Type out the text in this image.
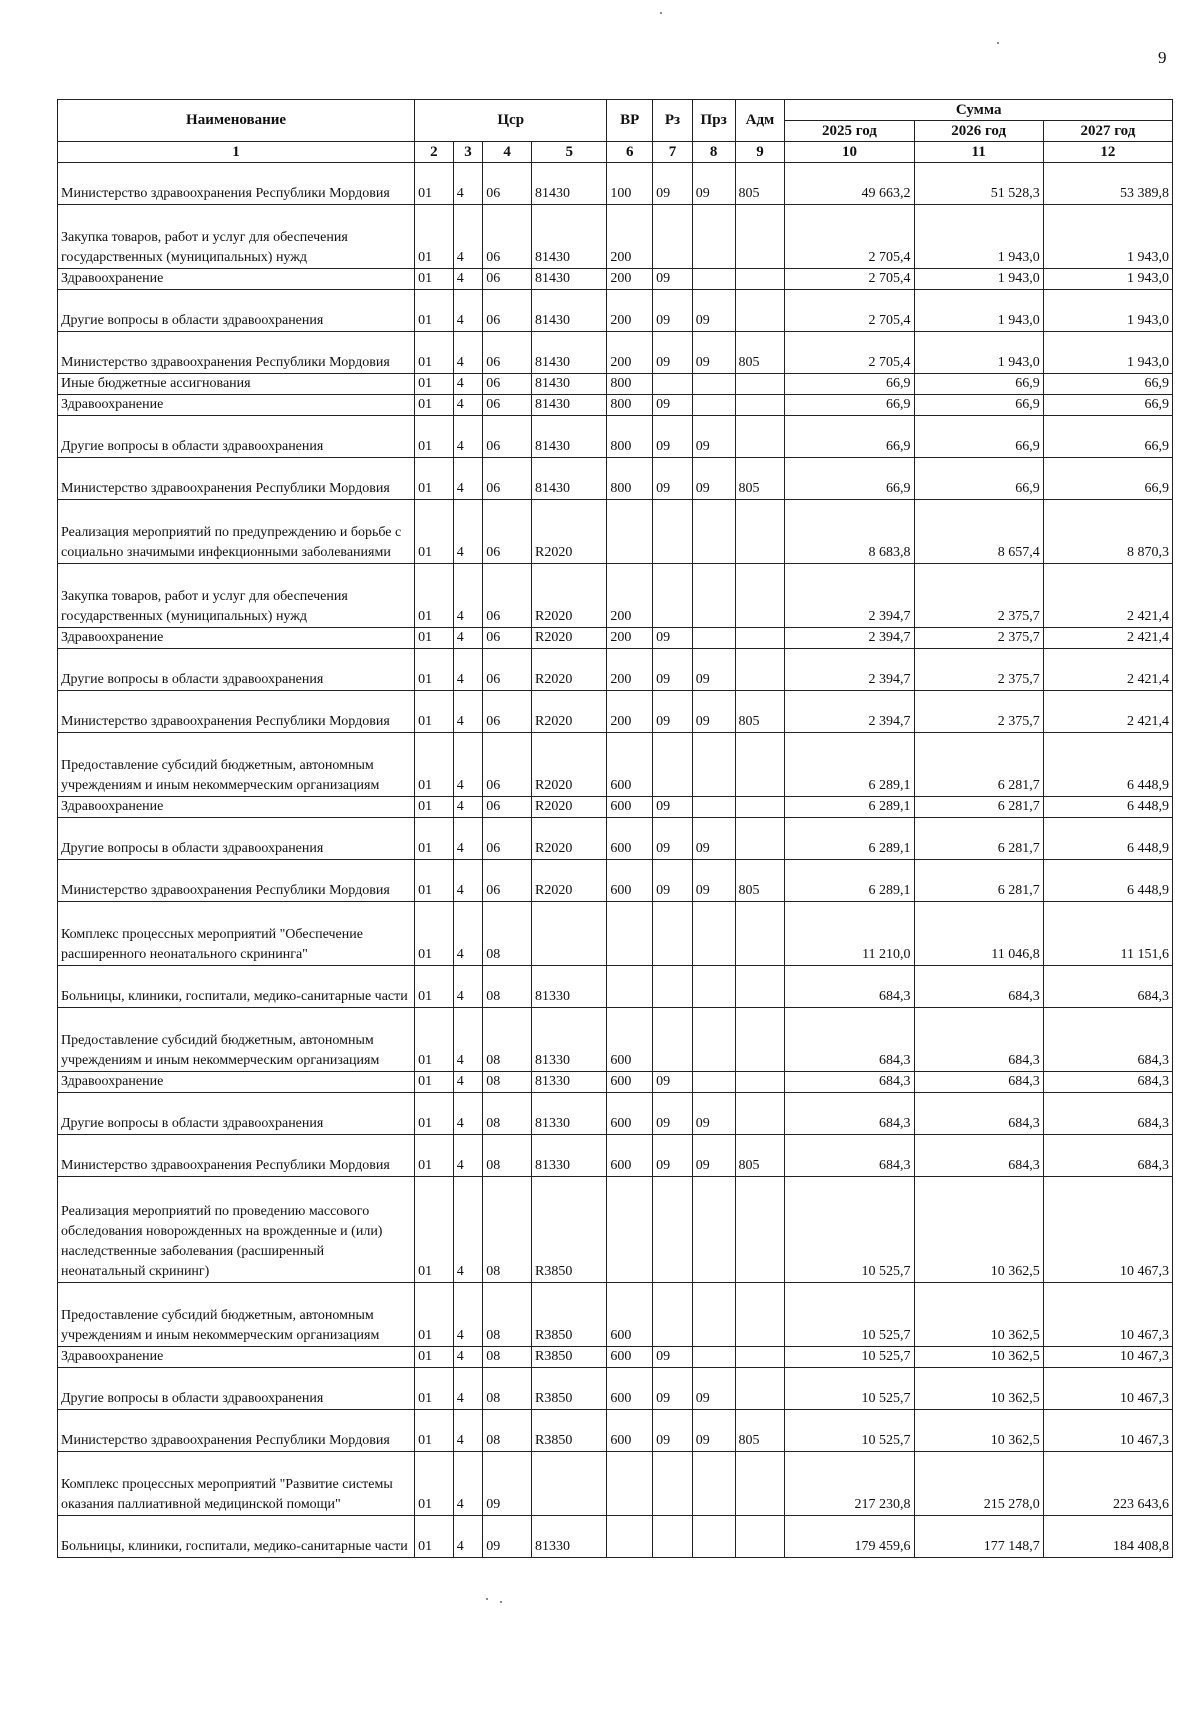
9
Наименование	Цср				ВР	Рз	Прз	Адм	Сумма		
									2025 год	2026 год	2027 год
1	2	3	4	5	6	7	8	9	10	11	12
Министерство здравоохранения Республики Мордовия	01	4	06	81430	100	09	09	805	49 663,2	51 528,3	53 389,8
Закупка товаров, работ и услуг для обеспечения государственных (муниципальных) нужд	01	4	06	81430	200				2 705,4	1 943,0	1 943,0
Здравоохранение	01	4	06	81430	200	09			2 705,4	1 943,0	1 943,0
Другие вопросы в области здравоохранения	01	4	06	81430	200	09	09		2 705,4	1 943,0	1 943,0
Министерство здравоохранения Республики Мордовия	01	4	06	81430	200	09	09	805	2 705,4	1 943,0	1 943,0
Иные бюджетные ассигнования	01	4	06	81430	800				66,9	66,9	66,9
Здравоохранение	01	4	06	81430	800	09			66,9	66,9	66,9
Другие вопросы в области здравоохранения	01	4	06	81430	800	09	09		66,9	66,9	66,9
Министерство здравоохранения Республики Мордовия	01	4	06	81430	800	09	09	805	66,9	66,9	66,9
Реализация мероприятий по предупреждению и борьбе с социально значимыми инфекционными заболеваниями	01	4	06	R2020					8 683,8	8 657,4	8 870,3
Закупка товаров, работ и услуг для обеспечения государственных (муниципальных) нужд	01	4	06	R2020	200				2 394,7	2 375,7	2 421,4
Здравоохранение	01	4	06	R2020	200	09			2 394,7	2 375,7	2 421,4
Другие вопросы в области здравоохранения	01	4	06	R2020	200	09	09		2 394,7	2 375,7	2 421,4
Министерство здравоохранения Республики Мордовия	01	4	06	R2020	200	09	09	805	2 394,7	2 375,7	2 421,4
Предоставление субсидий бюджетным, автономным учреждениям и иным некоммерческим организациям	01	4	06	R2020	600				6 289,1	6 281,7	6 448,9
Здравоохранение	01	4	06	R2020	600	09			6 289,1	6 281,7	6 448,9
Другие вопросы в области здравоохранения	01	4	06	R2020	600	09	09		6 289,1	6 281,7	6 448,9
Министерство здравоохранения Республики Мордовия	01	4	06	R2020	600	09	09	805	6 289,1	6 281,7	6 448,9
Комплекс процессных мероприятий "Обеспечение расширенного неонатального скрининга"	01	4	08						11 210,0	11 046,8	11 151,6
Больницы, клиники, госпитали, медико-санитарные части	01	4	08	81330					684,3	684,3	684,3
Предоставление субсидий бюджетным, автономным учреждениям и иным некоммерческим организациям	01	4	08	81330	600				684,3	684,3	684,3
Здравоохранение	01	4	08	81330	600	09			684,3	684,3	684,3
Другие вопросы в области здравоохранения	01	4	08	81330	600	09	09		684,3	684,3	684,3
Министерство здравоохранения Республики Мордовия	01	4	08	81330	600	09	09	805	684,3	684,3	684,3
Реализация мероприятий по проведению массового обследования новорожденных на врожденные и (или) наследственные заболевания (расширенный неонатальный скрининг)	01	4	08	R3850					10 525,7	10 362,5	10 467,3
Предоставление субсидий бюджетным, автономным учреждениям и иным некоммерческим организациям	01	4	08	R3850	600				10 525,7	10 362,5	10 467,3
Здравоохранение	01	4	08	R3850	600	09			10 525,7	10 362,5	10 467,3
Другие вопросы в области здравоохранения	01	4	08	R3850	600	09	09		10 525,7	10 362,5	10 467,3
Министерство здравоохранения Республики Мордовия	01	4	08	R3850	600	09	09	805	10 525,7	10 362,5	10 467,3
Комплекс процессных мероприятий "Развитие системы оказания паллиативной медицинской помощи"	01	4	09						217 230,8	215 278,0	223 643,6
Больницы, клиники, госпитали, медико-санитарные части	01	4	09	81330					179 459,6	177 148,7	184 408,8
